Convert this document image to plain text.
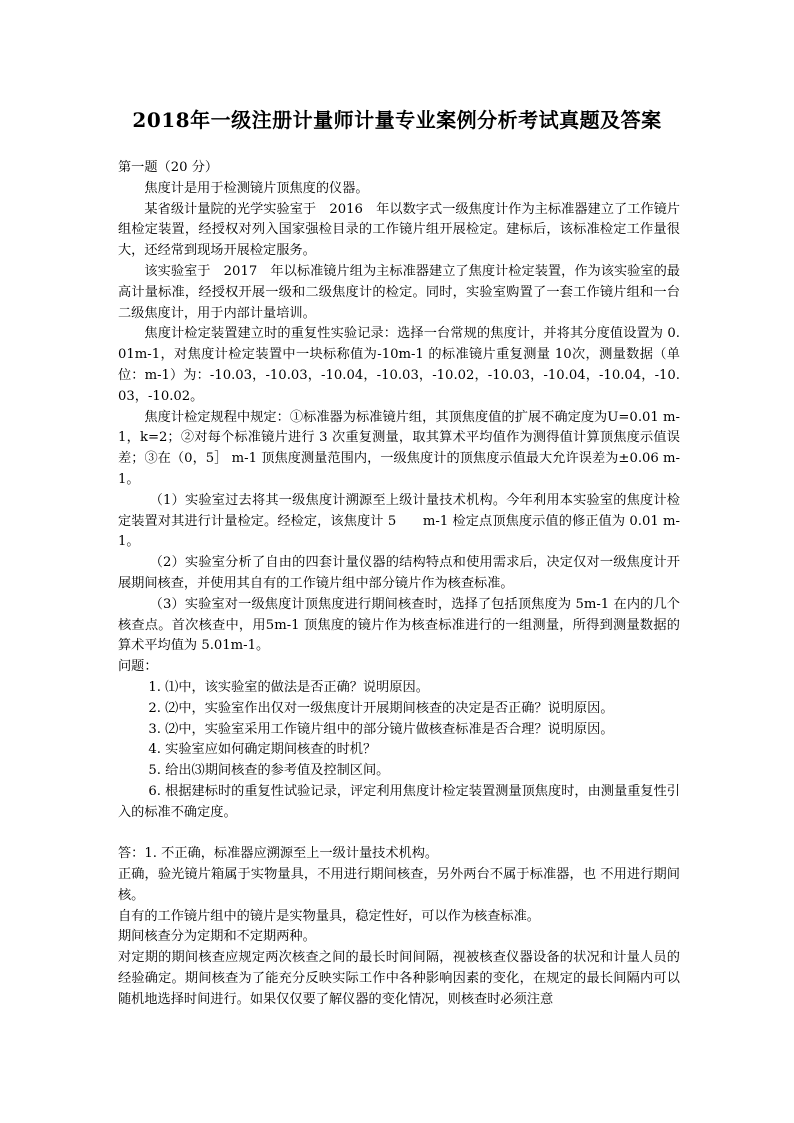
2018年一级注册计量师计量专业案例分析考试真题及答案

第一题（20 分）

焦度计是用于检测镜片顶焦度的仪器。

某省级计量院的光学实验室于　2016　年以数字式一级焦度计作为主标准器建立了工作镜片组检定装置，经授权对列入国家强检目录的工作镜片组开展检定。建标后，该标准检定工作量很大，还经常到现场开展检定服务。

该实验室于　2017　年以标准镜片组为主标准器建立了焦度计检定装置，作为该实验室的最高计量标准，经授权开展一级和二级焦度计的检定。同时，实验室购置了一套工作镜片组和一台二级焦度计，用于内部计量培训。

焦度计检定装置建立时的重复性实验记录：选择一台常规的焦度计，并将其分度值设置为 0.01m-1，对焦度计检定装置中一块标称值为-10m-1 的标准镜片重复测量 10次，测量数据（单位：m-1）为：-10.03，-10.03，-10.04，-10.03，-10.02，-10.03，-10.04，-10.04，-10.03，-10.02。

焦度计检定规程中规定：①标准器为标准镜片组，其顶焦度值的扩展不确定度为U=0.01 m-1，k=2；②对每个标准镜片进行 3 次重复测量，取其算术平均值作为测得值计算顶焦度示值误差；③在（0，5］ m-1 顶焦度测量范围内，一级焦度计的顶焦度示值最大允许误差为±0.06 m-1。

（1）实验室过去将其一级焦度计溯源至上级计量技术机构。今年利用本实验室的焦度计检定装置对其进行计量检定。经检定，该焦度计 5　　m-1 检定点顶焦度示值的修正值为 0.01 m-1。

（2）实验室分析了自由的四套计量仪器的结构特点和使用需求后，决定仅对一级焦度计开展期间核查，并使用其自有的工作镜片组中部分镜片作为核查标准。

（3）实验室对一级焦度计顶焦度进行期间核查时，选择了包括顶焦度为 5m-1 在内的几个核查点。首次核查中，用5m-1 顶焦度的镜片作为核查标准进行的一组测量，所得到测量数据的算术平均值为 5.01m-1。

问题：

1. ⑴中，该实验室的做法是否正确？说明原因。

2. ⑵中，实验室作出仅对一级焦度计开展期间核查的决定是否正确？说明原因。

3. ⑵中，实验室采用工作镜片组中的部分镜片做核查标准是否合理？说明原因。

4. 实验室应如何确定期间核查的时机？

5. 给出⑶期间核查的参考值及控制区间。

6. 根据建标时的重复性试验记录，评定利用焦度计检定装置测量顶焦度时，由测量重复性引入的标准不确定度。

答：1. 不正确，标准器应溯源至上一级计量技术机构。

正确，验光镜片箱属于实物量具，不用进行期间核查，另外两台不属于标准器，也 不用进行期间核。

自有的工作镜片组中的镜片是实物量具，稳定性好，可以作为核查标准。

期间核查分为定期和不定期两种。

对定期的期间核查应规定两次核查之间的最长时间间隔，视被核查仪器设备的状况和计量人员的经验确定。期间核查为了能充分反映实际工作中各种影响因素的变化，在规定的最长间隔内可以随机地选择时间进行。如果仅仅要了解仪器的变化情况，则核查时必须注意
